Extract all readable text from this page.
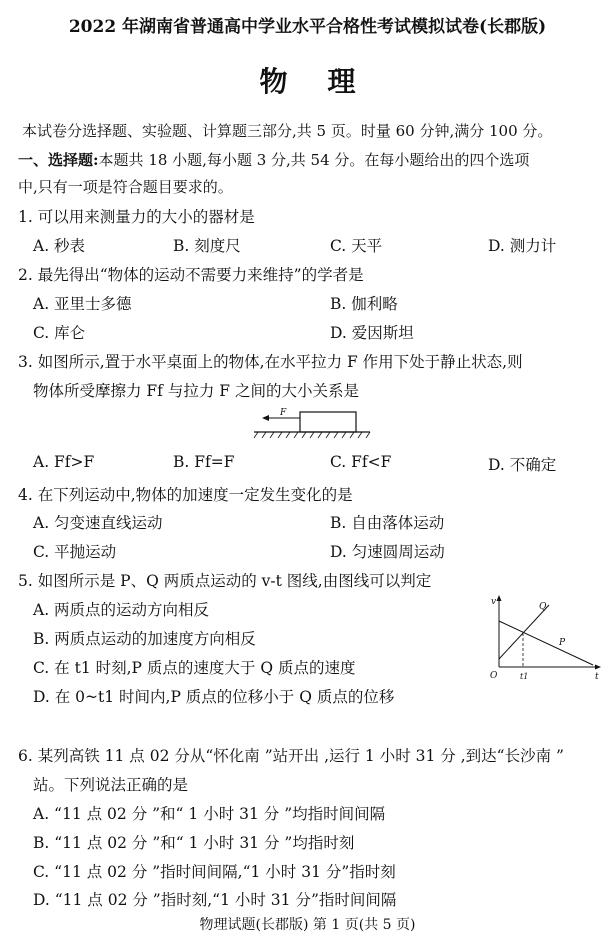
2022 年湖南省普通高中学业水平合格性考试模拟试卷(长郡版)
物理
本试卷分选择题、实验题、计算题三部分,共 5 页。时量 60 分钟,满分 100 分。
一、选择题:本题共 18 小题,每小题 3 分,共 54 分。在每小题给出的四个选项
中,只有一项是符合题目要求的。
1. 可以用来测量力的大小的器材是
A. 秒表	B. 刻度尺	C. 天平	D. 测力计
2. 最先得出“物体的运动不需要力来维持”的学者是
A. 亚里士多德	B. 伽利略
C. 库仑	D. 爱因斯坦
3. 如图所示,置于水平桌面上的物体,在水平拉力 F 作用下处于静止状态,则
物体所受摩擦力 Ff 与拉力 F 之间的大小关系是
F
A. Ff>F	B. Ff=F	C. Ff<F	D. 不确定
4. 在下列运动中,物体的加速度一定发生变化的是
A. 匀变速直线运动	B. 自由落体运动
C. 平抛运动	D. 匀速圆周运动
5. 如图所示是 P、Q 两质点运动的 v-t 图线,由图线可以判定
A. 两质点的运动方向相反
B. 两质点运动的加速度方向相反
C. 在 t1 时刻,P 质点的速度大于 Q 质点的速度
D. 在 0~t1 时间内,P 质点的位移小于 Q 质点的位移
v
O	t1	t
Q
P
6. 某列高铁 11 点 02 分从“怀化南 ”站开出 ,运行 1 小时 31 分 ,到达“长沙南 ”
站。下列说法正确的是
A. “11 点 02 分 ”和“ 1 小时 31 分 ”均指时间间隔
B. “11 点 02 分 ”和“ 1 小时 31 分 ”均指时刻
C. “11 点 02 分 ”指时间间隔,“1 小时 31 分”指时刻
D. “11 点 02 分 ”指时刻,“1 小时 31 分”指时间间隔
物理试题(长郡版) 第 1 页(共 5 页)
